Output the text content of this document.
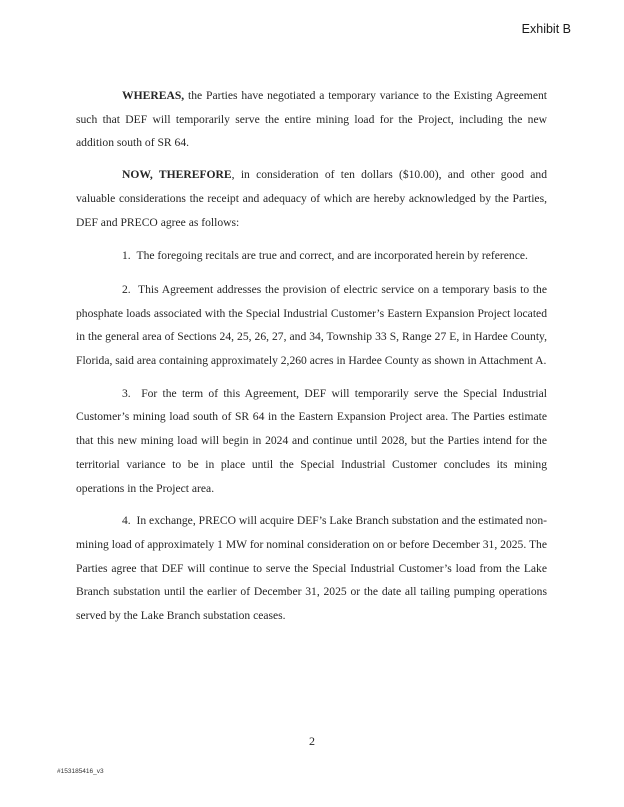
Exhibit B

WHEREAS, the Parties have negotiated a temporary variance to the Existing Agreement such that DEF will temporarily serve the entire mining load for the Project, including the new addition south of SR 64.

NOW, THEREFORE, in consideration of ten dollars ($10.00), and other good and valuable considerations the receipt and adequacy of which are hereby acknowledged by the Parties, DEF and PRECO agree as follows:

1. The foregoing recitals are true and correct, and are incorporated herein by reference.

2. This Agreement addresses the provision of electric service on a temporary basis to the phosphate loads associated with the Special Industrial Customer’s Eastern Expansion Project located in the general area of Sections 24, 25, 26, 27, and 34, Township 33 S, Range 27 E, in Hardee County, Florida, said area containing approximately 2,260 acres in Hardee County as shown in Attachment A.

3. For the term of this Agreement, DEF will temporarily serve the Special Industrial Customer’s mining load south of SR 64 in the Eastern Expansion Project area. The Parties estimate that this new mining load will begin in 2024 and continue until 2028, but the Parties intend for the territorial variance to be in place until the Special Industrial Customer concludes its mining operations in the Project area.

4. In exchange, PRECO will acquire DEF’s Lake Branch substation and the estimated non-mining load of approximately 1 MW for nominal consideration on or before December 31, 2025. The Parties agree that DEF will continue to serve the Special Industrial Customer’s load from the Lake Branch substation until the earlier of December 31, 2025 or the date all tailing pumping operations served by the Lake Branch substation ceases.

2
#153185416_v3
